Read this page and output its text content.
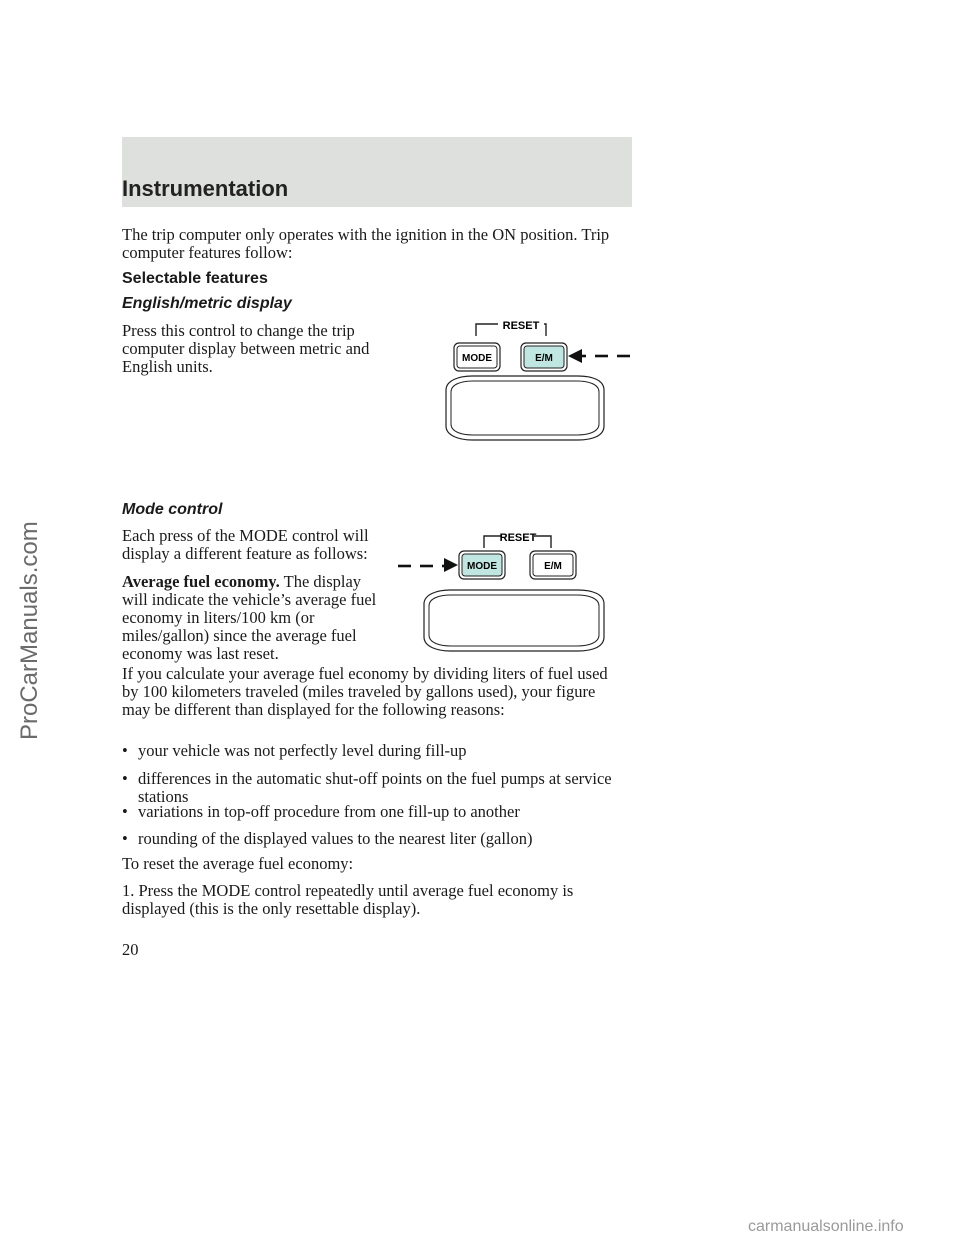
Instrumentation
The trip computer only operates with the ignition in the ON position. Trip computer features follow:
Selectable features
English/metric display
Press this control to change the trip computer display between metric and English units.
RESET
MODE	E/M
Mode control
Each press of the MODE control will display a different feature as follows:
Average fuel economy. The display will indicate the vehicle’s average fuel economy in liters/100 km (or miles/gallon) since the average fuel economy was last reset.
RESET
MODE	E/M
If you calculate your average fuel economy by dividing liters of fuel used by 100 kilometers traveled (miles traveled by gallons used), your figure may be different than displayed for the following reasons:
• your vehicle was not perfectly level during fill-up
• differences in the automatic shut-off points on the fuel pumps at service stations
• variations in top-off procedure from one fill-up to another
• rounding of the displayed values to the nearest liter (gallon)
To reset the average fuel economy:
1. Press the MODE control repeatedly until average fuel economy is displayed (this is the only resettable display).
20
ProCarManuals.com
carmanualsonline.info
